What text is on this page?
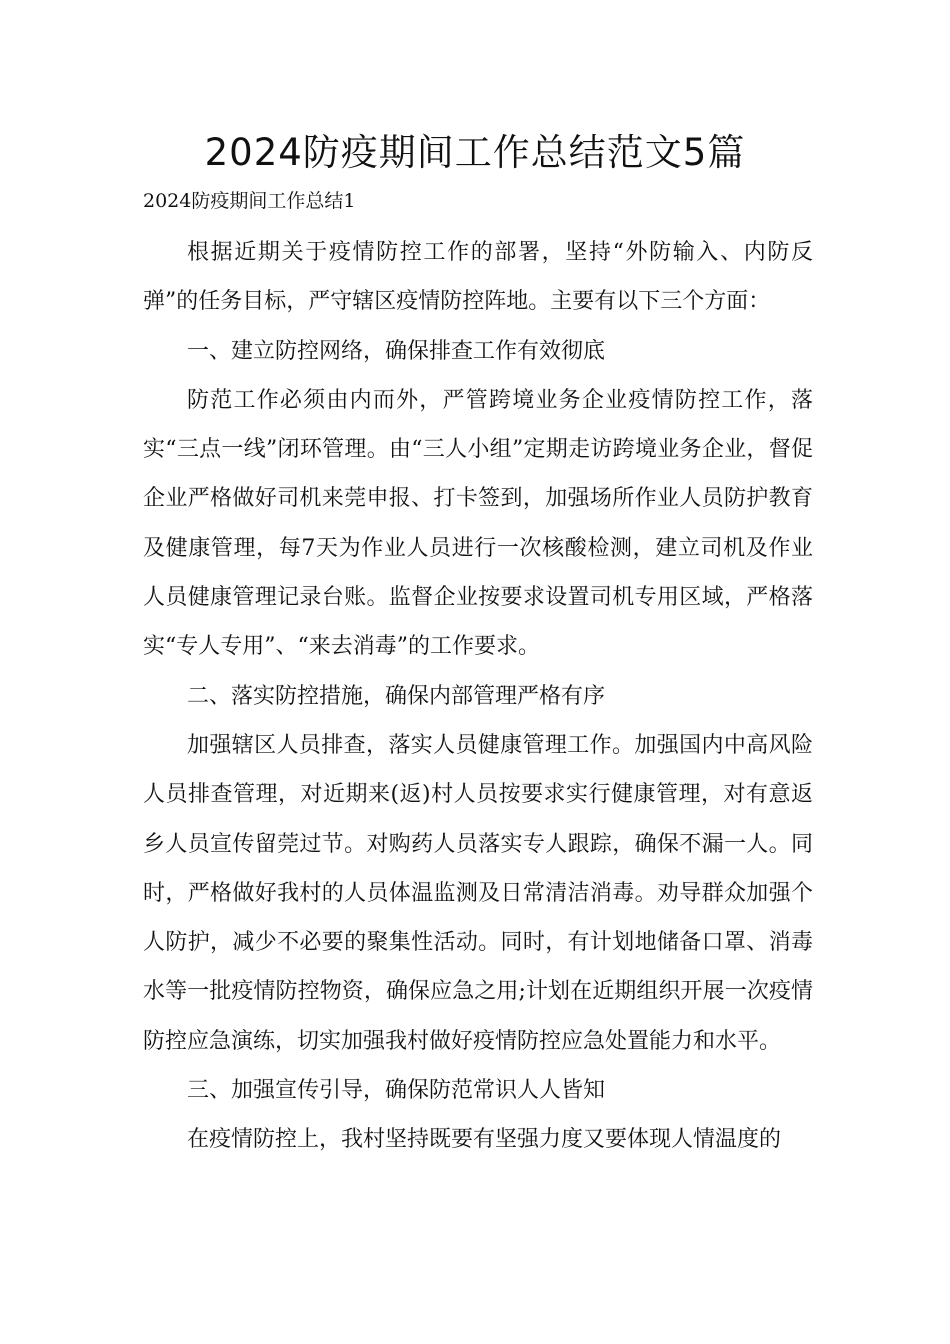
2024防疫期间工作总结范文5篇
2024防疫期间工作总结1

根据近期关于疫情防控工作的部署，坚持“外防输入、内防反弹”的任务目标，严守辖区疫情防控阵地。主要有以下三个方面：

一、建立防控网络，确保排查工作有效彻底

防范工作必须由内而外，严管跨境业务企业疫情防控工作，落实“三点一线”闭环管理。由“三人小组”定期走访跨境业务企业，督促企业严格做好司机来莞申报、打卡签到，加强场所作业人员防护教育及健康管理，每7天为作业人员进行一次核酸检测，建立司机及作业人员健康管理记录台账。监督企业按要求设置司机专用区域，严格落实“专人专用”、“来去消毒”的工作要求。

二、落实防控措施，确保内部管理严格有序

加强辖区人员排查，落实人员健康管理工作。加强国内中高风险人员排查管理，对近期来(返)村人员按要求实行健康管理，对有意返乡人员宣传留莞过节。对购药人员落实专人跟踪，确保不漏一人。同时，严格做好我村的人员体温监测及日常清洁消毒。劝导群众加强个人防护，减少不必要的聚集性活动。同时，有计划地储备口罩、消毒水等一批疫情防控物资，确保应急之用;计划在近期组织开展一次疫情防控应急演练，切实加强我村做好疫情防控应急处置能力和水平。

三、加强宣传引导，确保防范常识人人皆知

在疫情防控上，我村坚持既要有坚强力度又要体现人情温度的
